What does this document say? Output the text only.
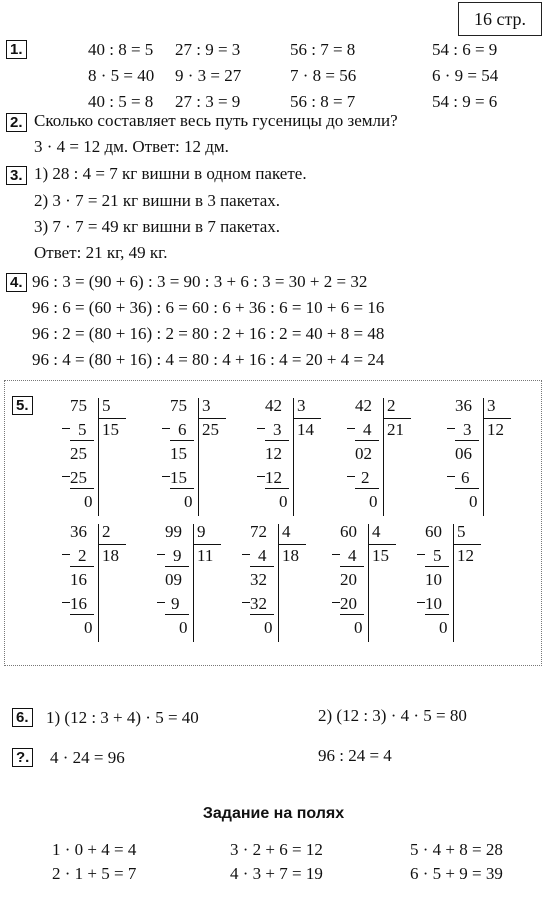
16 стр.
1.	40 : 8 = 5 27 : 9 = 3	56 : 7 = 8	54 : 6 = 9
8 · 5 = 40 9 · 3 = 27	7 · 8 = 56	6 · 9 = 54
40 : 5 = 8 27 : 3 = 9	56 : 8 = 7	54 : 9 = 6
2. Сколько составляет весь путь гусеницы до земли?
3 · 4 = 12 дм. Ответ: 12 дм.
3. 1) 28 : 4 = 7 кг вишни в одном пакете.
2) 3 · 7 = 21 кг вишни в 3 пакетах.
3) 7 · 7 = 49 кг вишни в 7 пакетах.
Ответ: 21 кг, 49 кг.
4. 96 : 3 = (90 + 6) : 3 = 90 : 3 + 6 : 3 = 30 + 2 = 32
96 : 6 = (60 + 36) : 6 = 60 : 6 + 36 : 6 = 10 + 6 = 16
96 : 2 = (80 + 16) : 2 = 80 : 2 + 16 : 2 = 40 + 8 = 48
96 : 4 = (80 + 16) : 4 = 80 : 4 + 16 : 4 = 20 + 4 = 24
5. 75 5
15
5
25
25
0
75 3
25
6
15
15
0
42 3
14
3
12
12
0
42 2
21
4
02
2
0
36 3
12
3
06
6
0
36 2
18
2
16
16
0
99 9
11
9
09
9
0
72 4
18
4
32
32
0
60 4
15
4
20
20
0
60 5
12
5
10
10
0
6. 1) (12 : 3 + 4) · 5 = 40	2) (12 : 3) · 4 · 5 = 80
?. 4 · 24 = 96	96 : 24 = 4
Задание на полях
1 · 0 + 4 = 4	3 · 2 + 6 = 12	5 · 4 + 8 = 28
2 · 1 + 5 = 7	4 · 3 + 7 = 19	6 · 5 + 9 = 39
